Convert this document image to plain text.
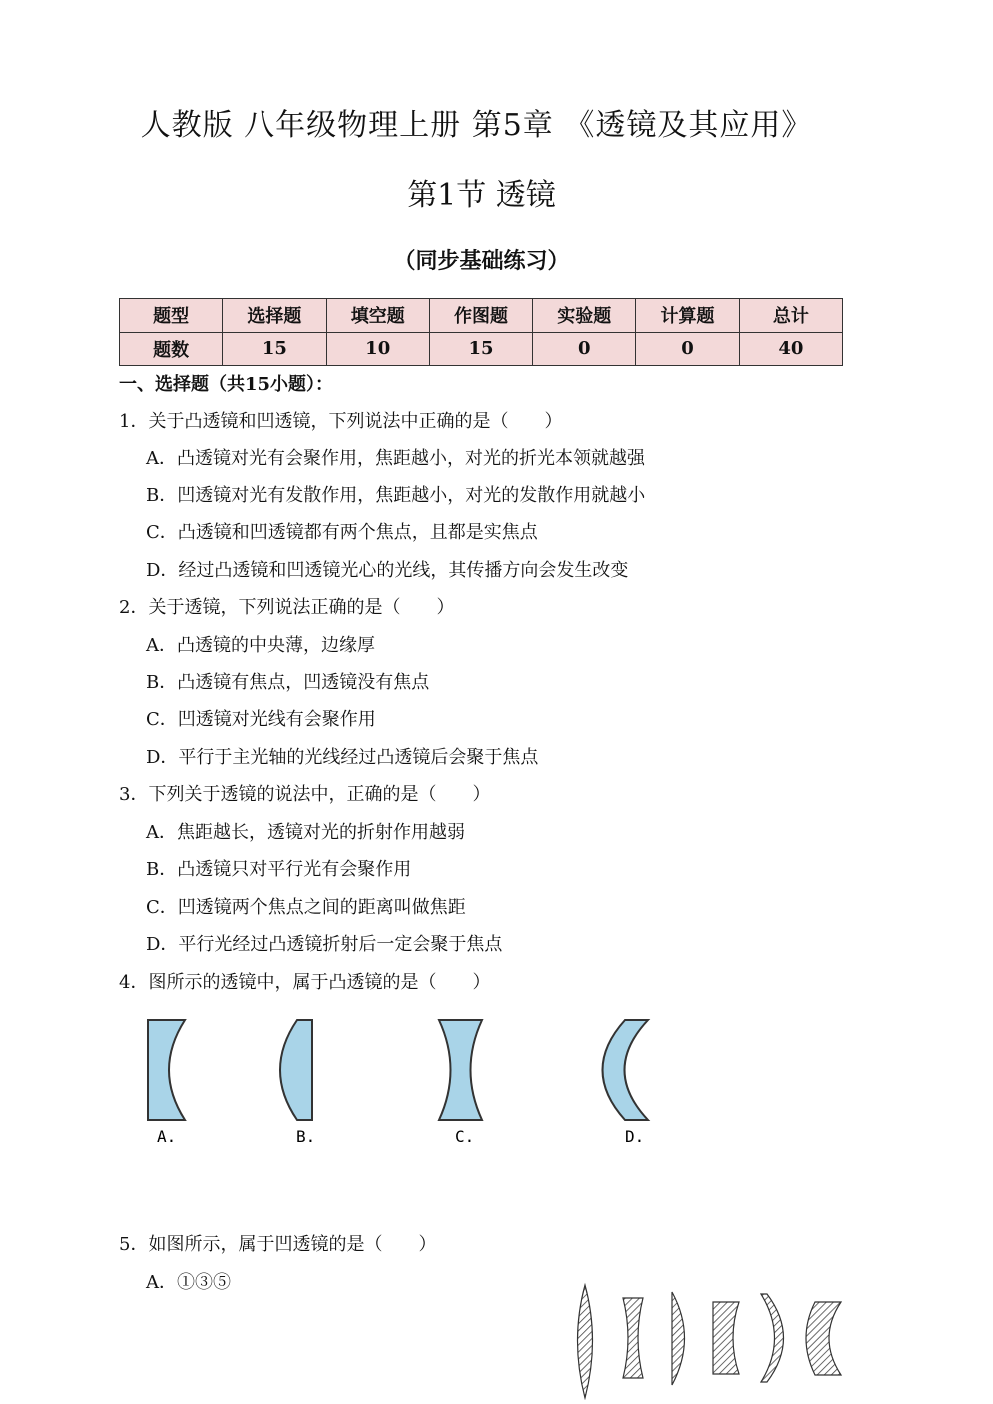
人教版 八年级物理上册 第5章 《透镜及其应用》
第1节 透镜
（同步基础练习）
题型	选择题	填空题	作图题	实验题	计算题	总计
题数	15	10	15	0	0	40
一、选择题（共15小题）：
1．关于凸透镜和凹透镜，下列说法中正确的是（　　）
A．凸透镜对光有会聚作用，焦距越小，对光的折光本领就越强
B．凹透镜对光有发散作用，焦距越小，对光的发散作用就越小
C．凸透镜和凹透镜都有两个焦点，且都是实焦点
D．经过凸透镜和凹透镜光心的光线，其传播方向会发生改变
2．关于透镜，下列说法正确的是（　　）
A．凸透镜的中央薄，边缘厚
B．凸透镜有焦点，凹透镜没有焦点
C．凹透镜对光线有会聚作用
D．平行于主光轴的光线经过凸透镜后会聚于焦点
3．下列关于透镜的说法中，正确的是（　　）
A．焦距越长，透镜对光的折射作用越弱
B．凸透镜只对平行光有会聚作用
C．凹透镜两个焦点之间的距离叫做焦距
D．平行光经过凸透镜折射后一定会聚于焦点
4．图所示的透镜中，属于凸透镜的是（　　）
A.	B.	C.	D.
5．如图所示，属于凹透镜的是（　　）
A．①③⑤
